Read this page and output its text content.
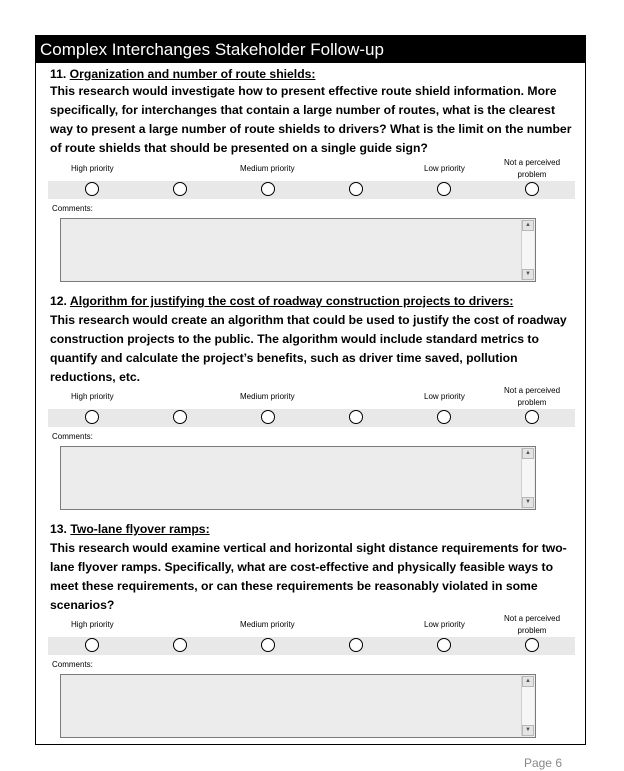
Complex Interchanges Stakeholder Follow-up
11. Organization and number of route shields:
This research would investigate how to present effective route shield information. More
specifically, for interchanges that contain a large number of routes, what is the clearest
way to present a large number of route shields to drivers? What is the limit on the number
of route shields that should be presented on a single guide sign?
High priority	Medium priority	Low priority
Not a perceived
problem
Comments:
▲
▼
12. Algorithm for justifying the cost of roadway construction projects to drivers:
This research would create an algorithm that could be used to justify the cost of roadway
construction projects to the public. The algorithm would include standard metrics to
quantify and calculate the project’s benefits, such as driver time saved, pollution
reductions, etc.
High priority	Medium priority	Low priority
Not a perceived
problem
Comments:
▲
▼
13. Two-lane flyover ramps:
This research would examine vertical and horizontal sight distance requirements for two-
lane flyover ramps. Specifically, what are cost-effective and physically feasible ways to
meet these requirements, or can these requirements be reasonably violated in some
scenarios?
High priority	Medium priority	Low priority
Not a perceived
problem
Comments:
▲
▼
Page 6
